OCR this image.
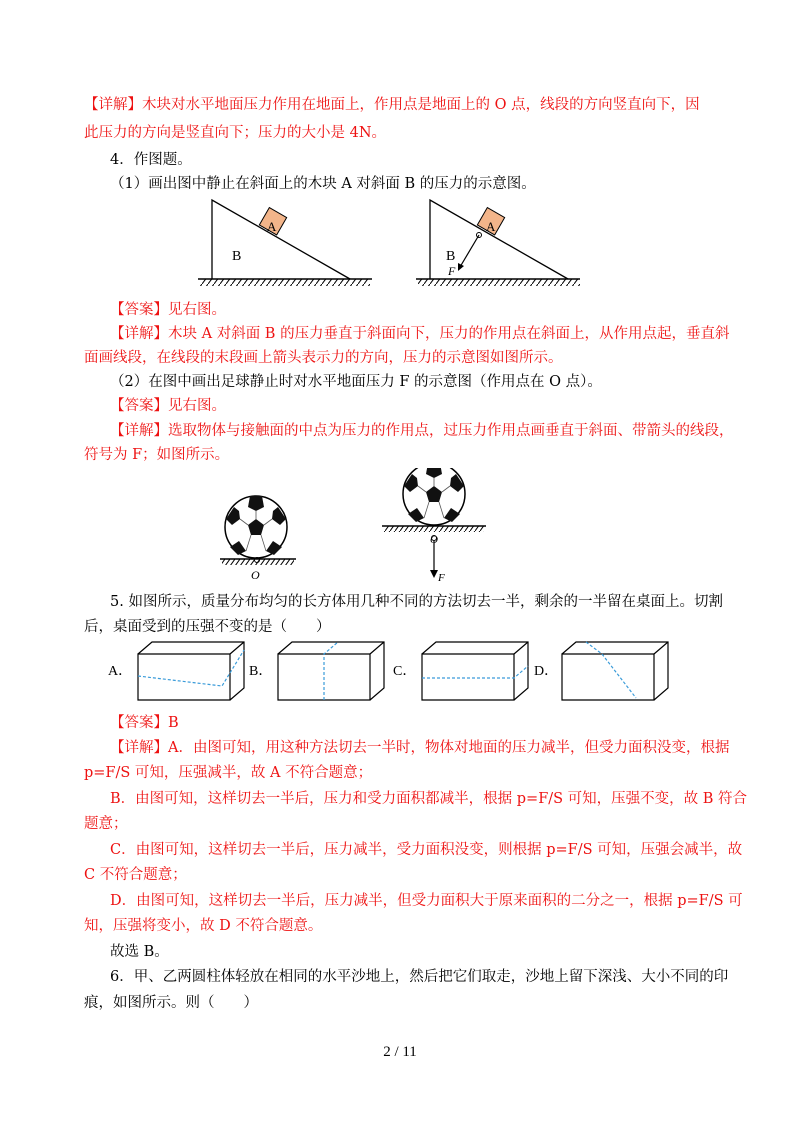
【详解】木块对水平地面压力作用在地面上，作用点是地面上的 O 点，线段的方向竖直向下，因
此压力的方向是竖直向下；压力的大小是 4N。
4．作图题。
（1）画出图中静止在斜面上的木块 A 对斜面 B 的压力的示意图。
A
B
A
B
F
【答案】见右图。
【详解】木块 A 对斜面 B 的压力垂直于斜面向下，压力的作用点在斜面上，从作用点起，垂直斜
面画线段，在线段的末段画上箭头表示力的方向，压力的示意图如图所示。
（2）在图中画出足球静止时对水平地面压力 F 的示意图（作用点在 O 点）。
【答案】见右图。
【详解】选取物体与接触面的中点为压力的作用点，过压力作用点画垂直于斜面、带箭头的线段，
符号为 F；如图所示。
O
O
F
5. 如图所示，质量分布均匀的长方体用几种不同的方法切去一半，剩余的一半留在桌面上。切割
后，桌面受到的压强不变的是（　　）
A．	B．	C．	D．
【答案】B
【详解】A．由图可知，用这种方法切去一半时，物体对地面的压力减半，但受力面积没变，根据
p=F/S 可知，压强减半，故 A 不符合题意；
B．由图可知，这样切去一半后，压力和受力面积都减半，根据 p=F/S 可知，压强不变，故 B 符合
题意；
C．由图可知，这样切去一半后，压力减半，受力面积没变，则根据 p=F/S 可知，压强会减半，故
C 不符合题意；
D．由图可知，这样切去一半后，压力减半，但受力面积大于原来面积的二分之一，根据 p=F/S 可
知，压强将变小，故 D 不符合题意。
故选 B。
6．甲、乙两圆柱体轻放在相同的水平沙地上，然后把它们取走，沙地上留下深浅、大小不同的印
痕，如图所示。则（　　）
2 / 11
